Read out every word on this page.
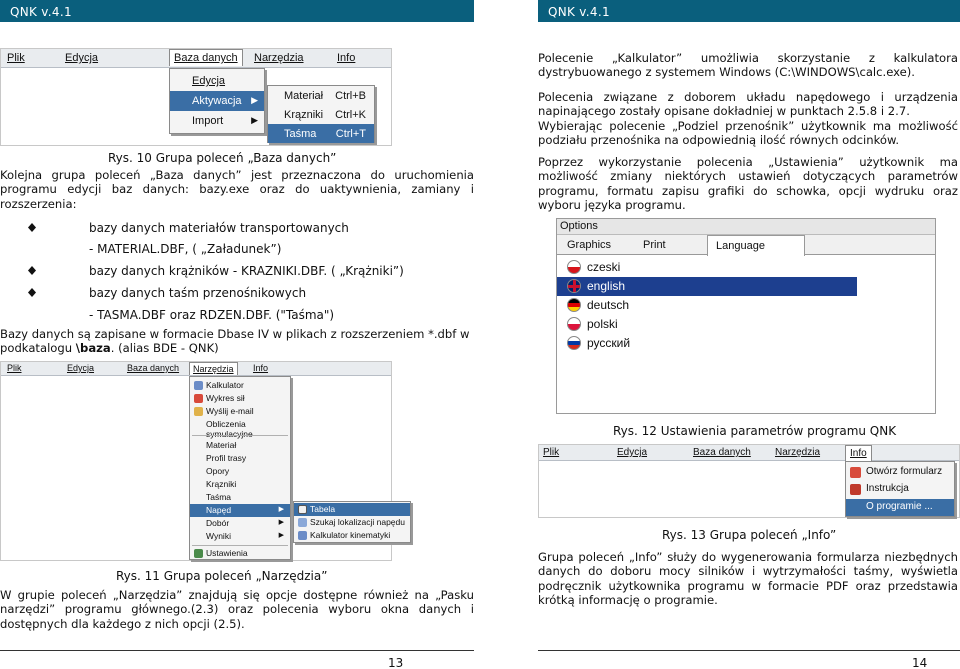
QNK v.4.1	QNK v.4.1
Plik	Edycja	Baza danych	Narzędzia	Info
Edycja
Aktywacja ▶
Import	▶
Materiał Ctrl+B
Krązniki Ctrl+K
Taśma Ctrl+T
Rys. 10 Grupa poleceń „Baza danych”
Kolejna grupa poleceń „Baza danych” jest przeznaczona do uruchomienia programu edycji baz danych: bazy.exe oraz do uaktywnienia, zamiany i rozszerzenia:
bazy danych materiałów transportowanych
- MATERIAL.DBF, ( „Załadunek”)
bazy danych krążników - KRAZNIKI.DBF. ( „Krążniki”)
bazy danych taśm przenośnikowych
- TASMA.DBF oraz RDZEN.DBF. ("Taśma")
Bazy danych są zapisane w formacie Dbase IV w plikach z rozszerzeniem *.dbf w podkatalogu \baza. (alias BDE - QNK)
Plik	Edycja	Baza danych	Narzędzia	Info
Kalkulator
Wykres sił
Wyślij e-mail
Obliczenia symulacyjne
Materiał
Profil trasy
Opory
Krązniki
Taśma
Napęd	▶
Dobór	▶
Wyniki	▶
Ustawienia
Tabela
Szukaj lokalizacji napędu
Kalkulator kinematyki
Rys. 11 Grupa poleceń „Narzędzia”
W grupie poleceń „Narzędzia” znajdują się opcje dostępne również na „Pasku narzędzi” programu głównego.(2.3) oraz polecenia wyboru okna danych i dostępnych dla każdego z nich opcji (2.5).
13
Polecenie „Kalkulator” umożliwia skorzystanie z kalkulatora dystrybuowanego z systemem Windows (C:\WINDOWS\calc.exe).
Polecenia związane z doborem układu napędowego i urządzenia napinającego zostały opisane dokładniej w punktach 2.5.8 i 2.7.
Wybierając polecenie „Podziel przenośnik” użytkownik ma możliwość podziału przenośnika na odpowiednią ilość równych odcinków.
Poprzez wykorzystanie polecenia „Ustawienia” użytkownik ma możliwość zmiany niektórych ustawień dotyczących parametrów programu, formatu zapisu grafiki do schowka, opcji wydruku oraz wyboru języka programu.
Options
Graphics	Print	Language
czeski
english
deutsch
polski
русский
Rys. 12 Ustawienia parametrów programu QNK
Plik	Edycja	Baza danych Narzędzia	Info
Otwórz formularz
Instrukcja
O programie ...
Rys. 13 Grupa poleceń „Info”
Grupa poleceń „Info” służy do wygenerowania formularza niezbędnych danych do doboru mocy silników i wytrzymałości taśmy, wyświetla podręcznik użytkownika programu w formacie PDF oraz przedstawia krótką informację o programie.
14
